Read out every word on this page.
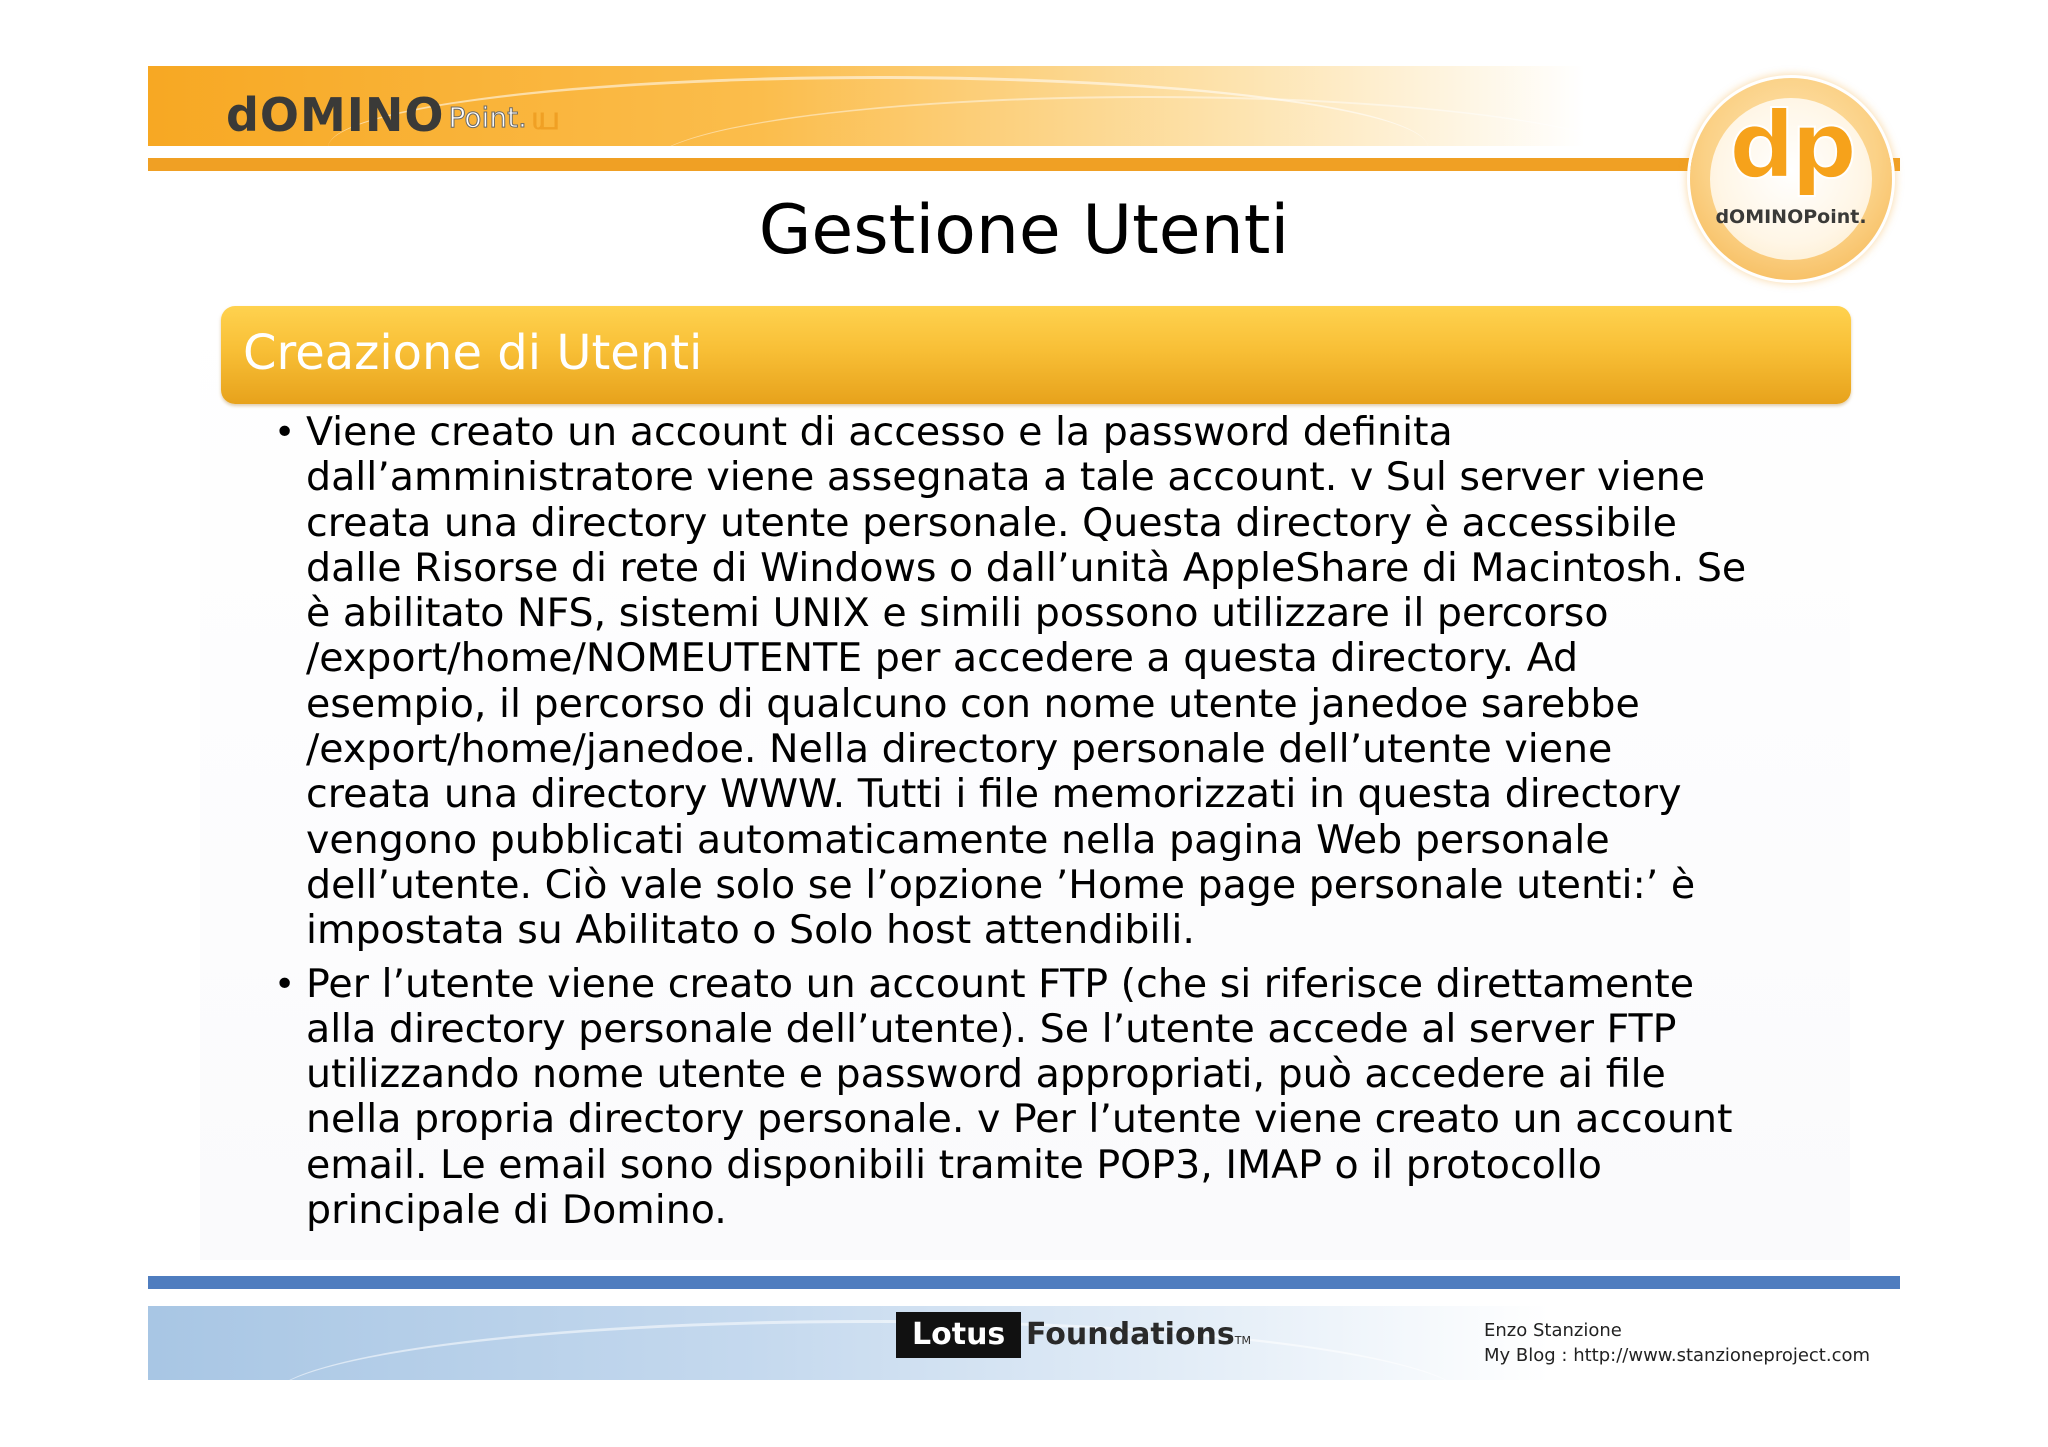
dOMINO Point. ய	dp
dOMINOPoint.
Gestione Utenti
Creazione di Utenti
• Viene creato un account di accesso e la password definita
dall’amministratore viene assegnata a tale account. v Sul server viene
creata una directory utente personale. Questa directory è accessibile
dalle Risorse di rete di Windows o dall’unità AppleShare di Macintosh. Se
è abilitato NFS, sistemi UNIX e simili possono utilizzare il percorso
/export/home/NOMEUTENTE per accedere a questa directory. Ad
esempio, il percorso di qualcuno con nome utente janedoe sarebbe
/export/home/janedoe. Nella directory personale dell’utente viene
creata una directory WWW. Tutti i file memorizzati in questa directory
vengono pubblicati automaticamente nella pagina Web personale
dell’utente. Ciò vale solo se l’opzione ’Home page personale utenti:’ è
impostata su Abilitato o Solo host attendibili.
• Per l’utente viene creato un account FTP (che si riferisce direttamente
alla directory personale dell’utente). Se l’utente accede al server FTP
utilizzando nome utente e password appropriati, può accedere ai file
nella propria directory personale. v Per l’utente viene creato un account
email. Le email sono disponibili tramite POP3, IMAP o il protocollo
principale di Domino.
Lotus FoundationsTM	Enzo Stanzione
My Blog : http://www.stanzioneproject.com
